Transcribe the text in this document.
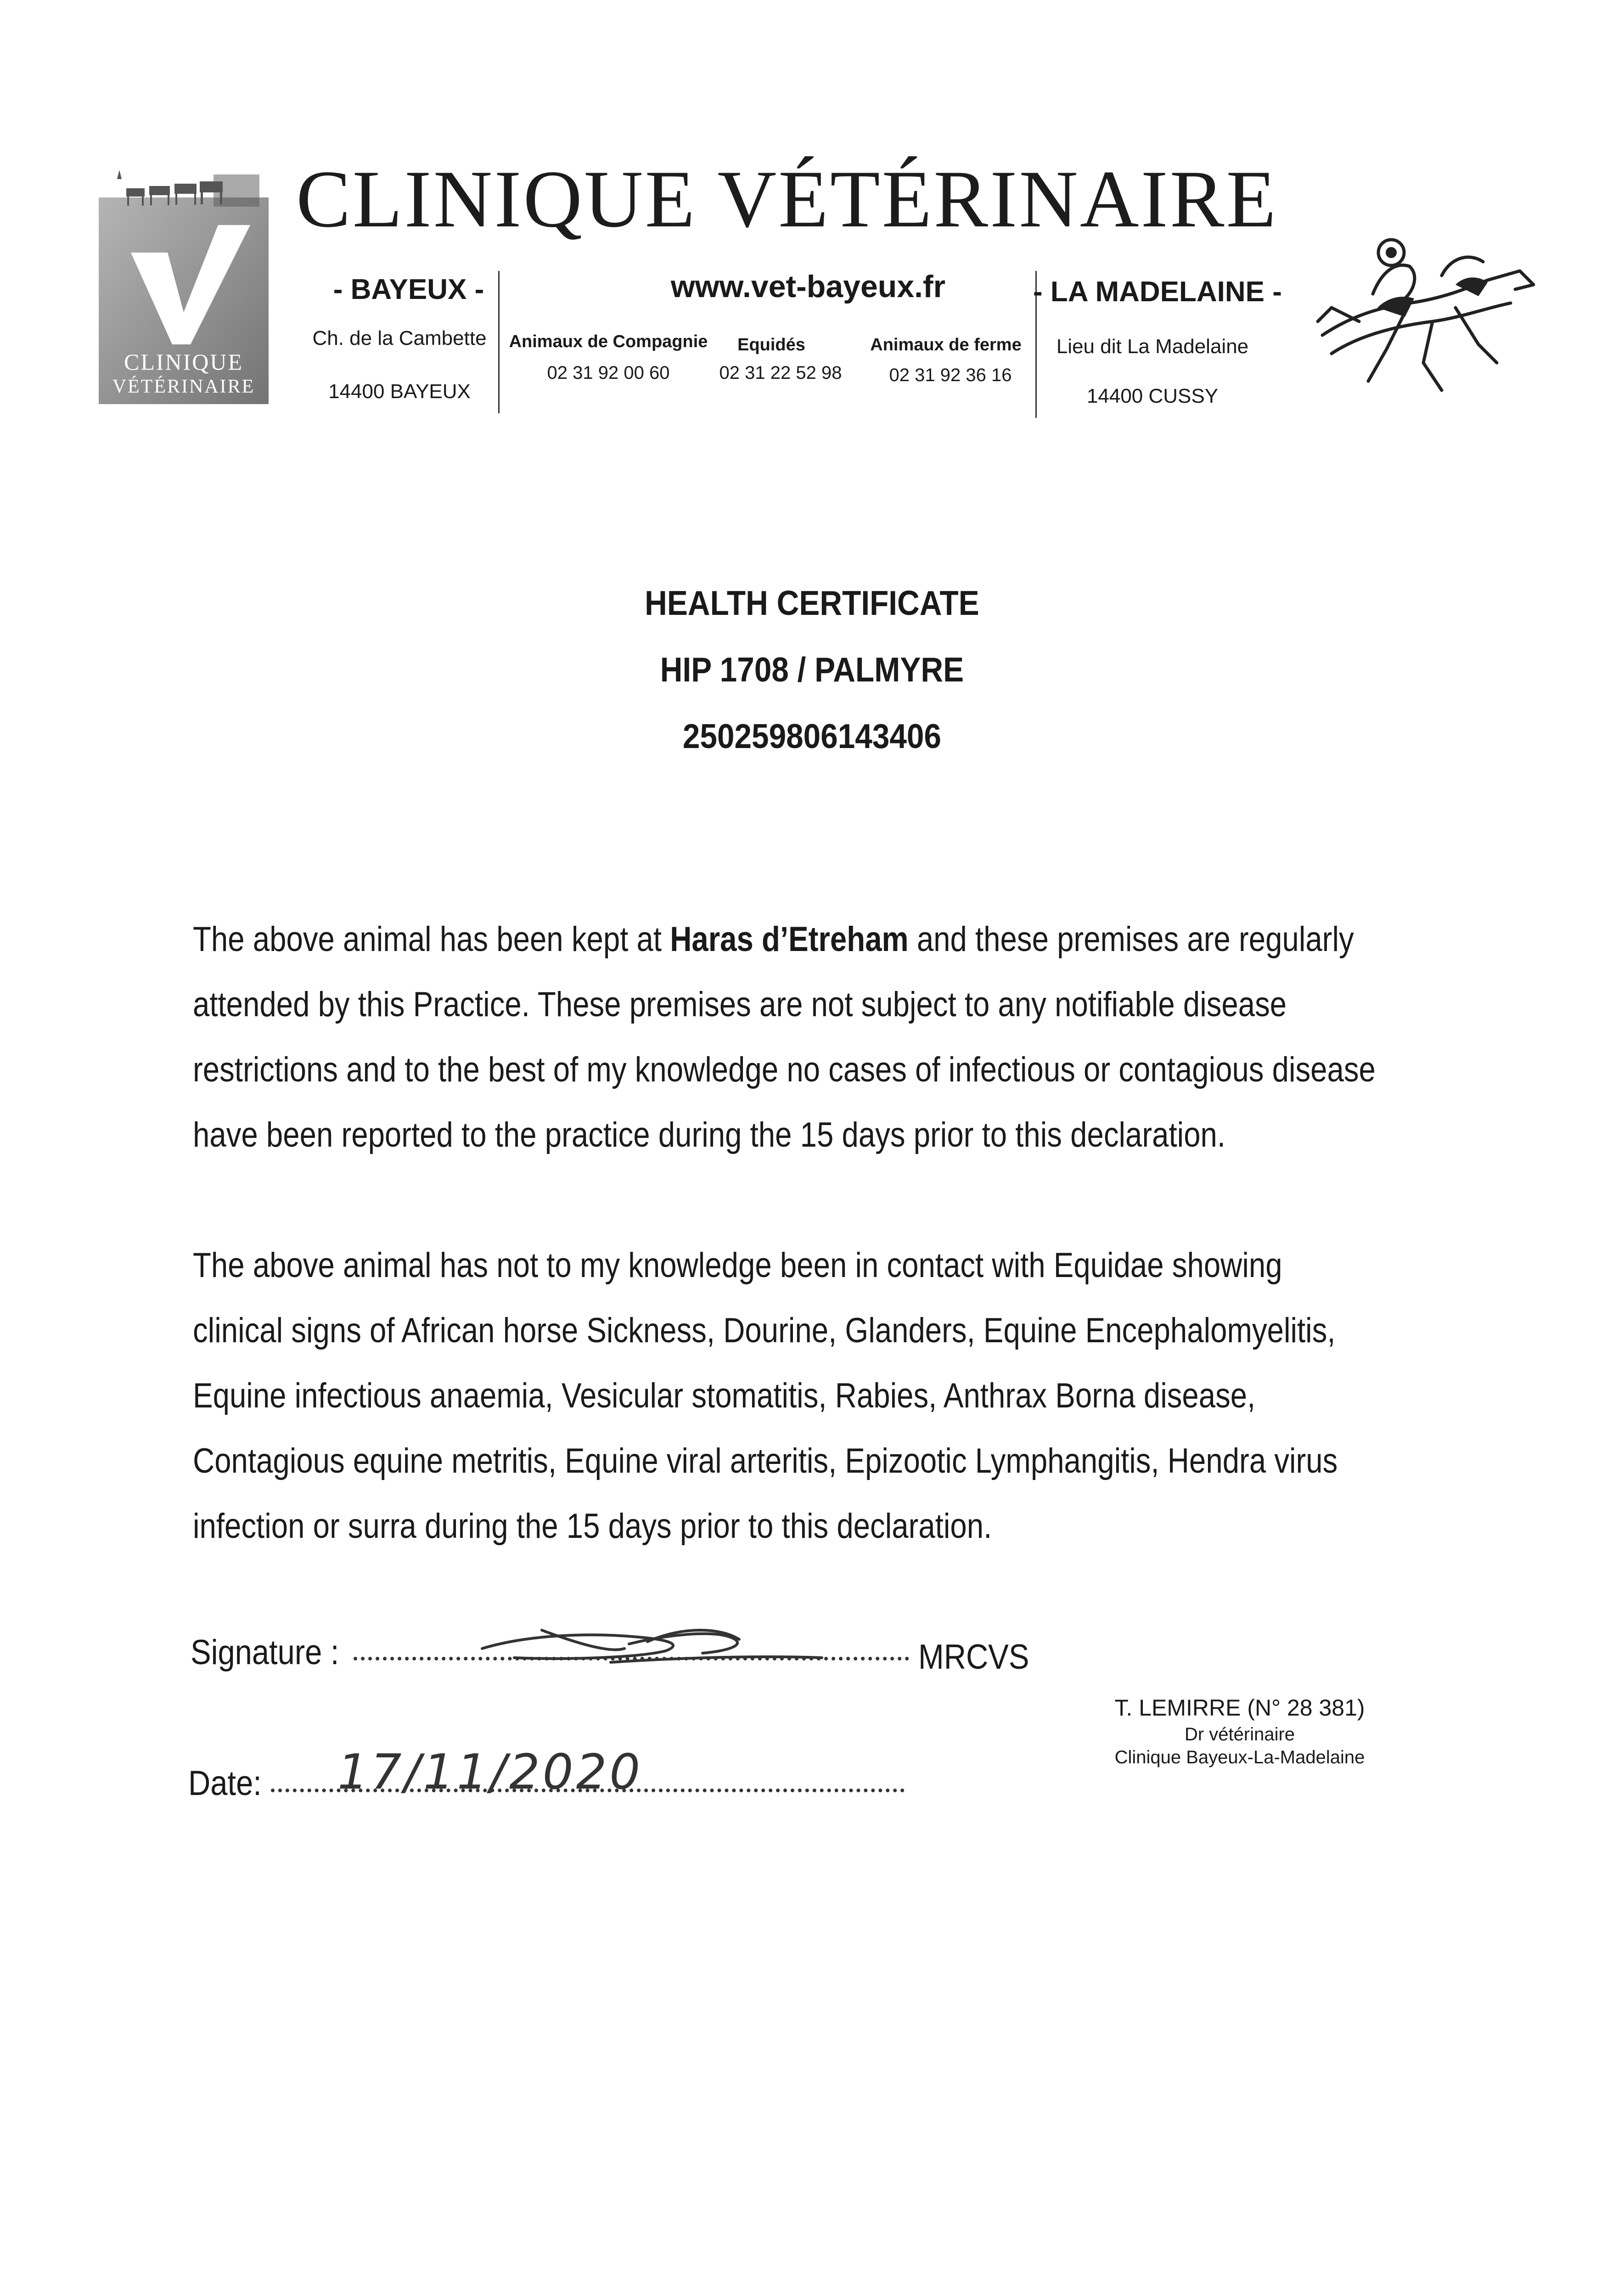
CLINIQUE
VÉTÉRINAIRE
CLINIQUE VÉTÉRINAIRE
- BAYEUX -
Ch. de la Cambette
14400 BAYEUX
www.vet-bayeux.fr
Animaux de Compagnie	Equidés	Animaux de ferme
02 31 92 00 60	02 31 22 52 98	02 31 92 36 16
- LA MADELAINE -
Lieu dit La Madelaine
14400 CUSSY
HEALTH CERTIFICATE
HIP 1708 / PALMYRE
250259806143406

The above animal has been kept at Haras d’Etreham and these premises are regularly

attended by this Practice. These premises are not subject to any notifiable disease

restrictions and to the best of my knowledge no cases of infectious or contagious disease

have been reported to the practice during the 15 days prior to this declaration.

The above animal has not to my knowledge been in contact with Equidae showing

clinical signs of African horse Sickness, Dourine, Glanders, Equine Encephalomyelitis,

Equine infectious anaemia, Vesicular stomatitis, Rabies, Anthrax Borna disease,

Contagious equine metritis, Equine viral arteritis, Epizootic Lymphangitis, Hendra virus

infection or surra during the 15 days prior to this declaration.

Signature :	MRCVS
Date: 17/11/2020
T. LEMIRRE (N° 28 381)
Dr vétérinaire
Clinique Bayeux-La-Madelaine
